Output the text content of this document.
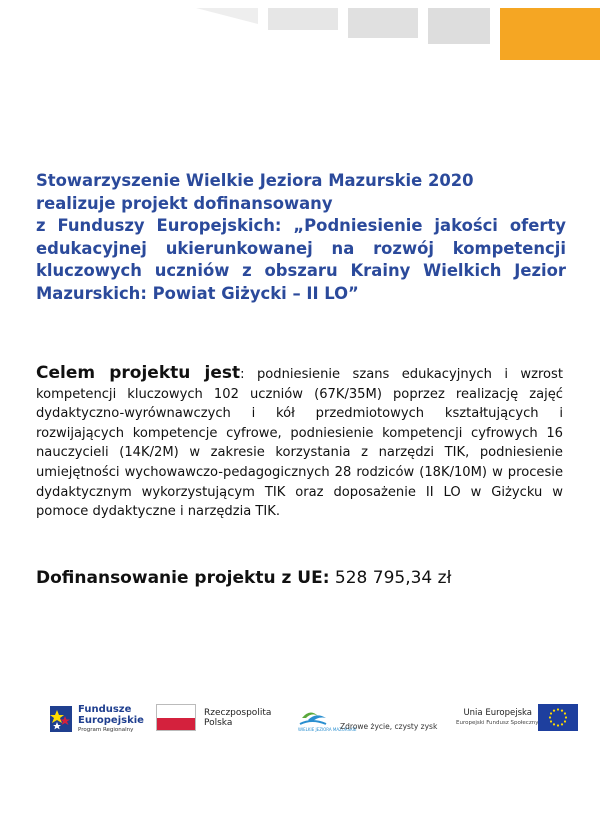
Stowarzyszenie Wielkie Jeziora Mazurskie 2020
realizuje projekt dofinansowany
z Funduszy Europejskich: „Podniesienie jakości oferty
edukacyjnej ukierunkowanej na rozwój kompetencji
kluczowych uczniów z obszaru Krainy Wielkich Jezior
Mazurskich: Powiat Giżycki – II LO”

Celem projektu jest: podniesienie szans edukacyjnych i wzrost kompetencji kluczowych 102 uczniów (67K/35M) poprzez realizację zajęć dydaktyczno-wyrównawczych i kół przedmiotowych kształtujących i rozwijających kompetencje cyfrowe, podniesienie kompetencji cyfrowych 16 nauczycieli (14K/2M) w zakresie korzystania z narzędzi TIK, podniesienie umiejętności wychowawczo-pedagogicznych 28 rodziców (18K/10M) w procesie dydaktycznym wykorzystującym TIK oraz doposażenie II LO w Giżycku w pomoce dydaktyczne i narzędzia TIK.

Dofinansowanie projektu z UE: 528 795,34 zł

Fundusze
Europejskie
Program Regionalny
Rzeczpospolita
Polska
WIELKIE JEZIORA MAZURSKIE
Zdrowe życie, czysty zysk
Unia Europejska
Europejski Fundusz Społeczny
